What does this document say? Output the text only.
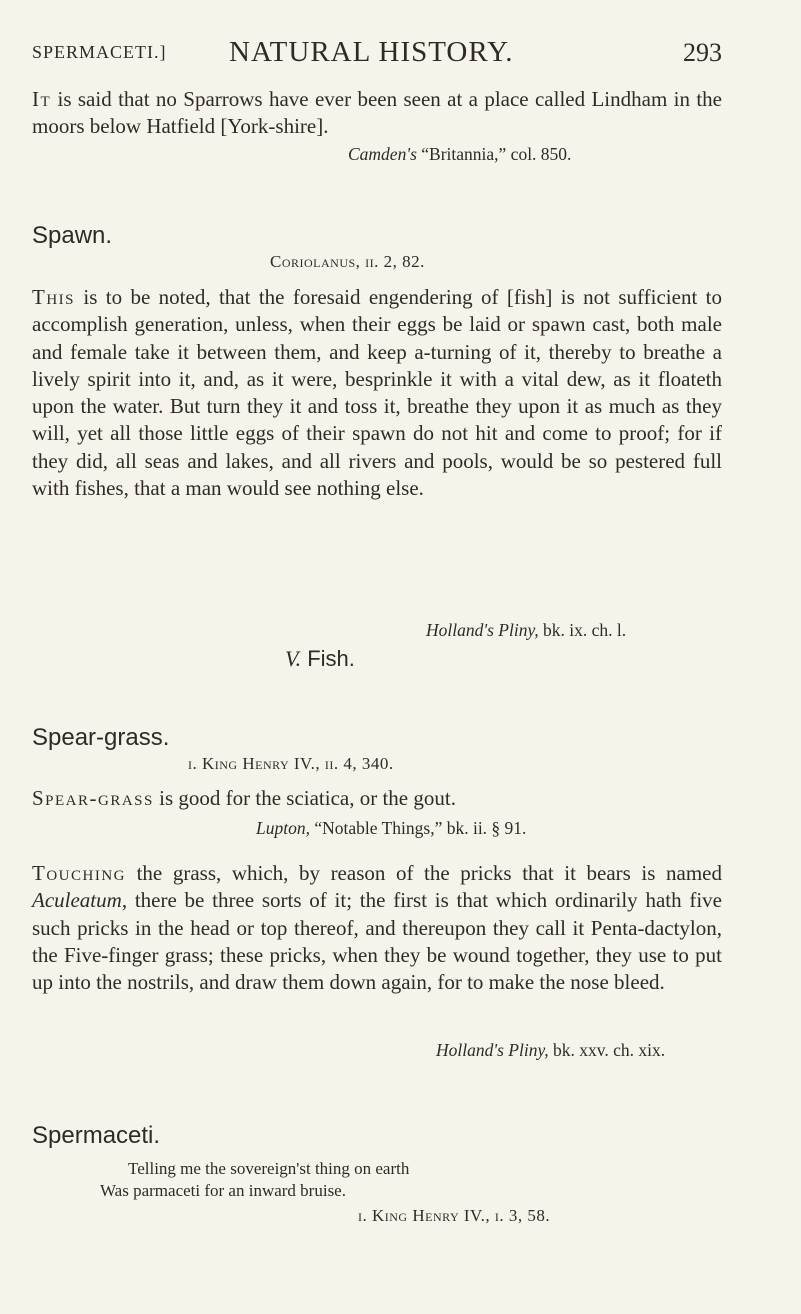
SPERMACETI.] NATURAL HISTORY.	293
It is said that no Sparrows have ever been seen at a place called Lindham in the moors below Hatfield [York-shire].
Camden's “Britannia,” col. 850.
Spawn.
Coriolanus, ii. 2, 82.
This is to be noted, that the foresaid engendering of [fish] is not sufficient to accomplish generation, unless, when their eggs be laid or spawn cast, both male and female take it between them, and keep a-turning of it, thereby to breathe a lively spirit into it, and, as it were, besprinkle it with a vital dew, as it floateth upon the water. But turn they it and toss it, breathe they upon it as much as they will, yet all those little eggs of their spawn do not hit and come to proof; for if they did, all seas and lakes, and all rivers and pools, would be so pestered full with fishes, that a man would see nothing else.
Holland's Pliny, bk. ix. ch. l.
V. Fish.
Spear-grass.
i. King Henry IV., ii. 4, 340.
Spear-grass is good for the sciatica, or the gout.
Lupton, “Notable Things,” bk. ii. § 91.
Touching the grass, which, by reason of the pricks that it bears is named Aculeatum, there be three sorts of it; the first is that which ordinarily hath five such pricks in the head or top thereof, and thereupon they call it Penta-dactylon, the Five-finger grass; these pricks, when they be wound together, they use to put up into the nostrils, and draw them down again, for to make the nose bleed.
Holland's Pliny, bk. xxv. ch. xix.
Spermaceti.
Telling me the sovereign'st thing on earth
Was parmaceti for an inward bruise.
i. King Henry IV., i. 3, 58.
